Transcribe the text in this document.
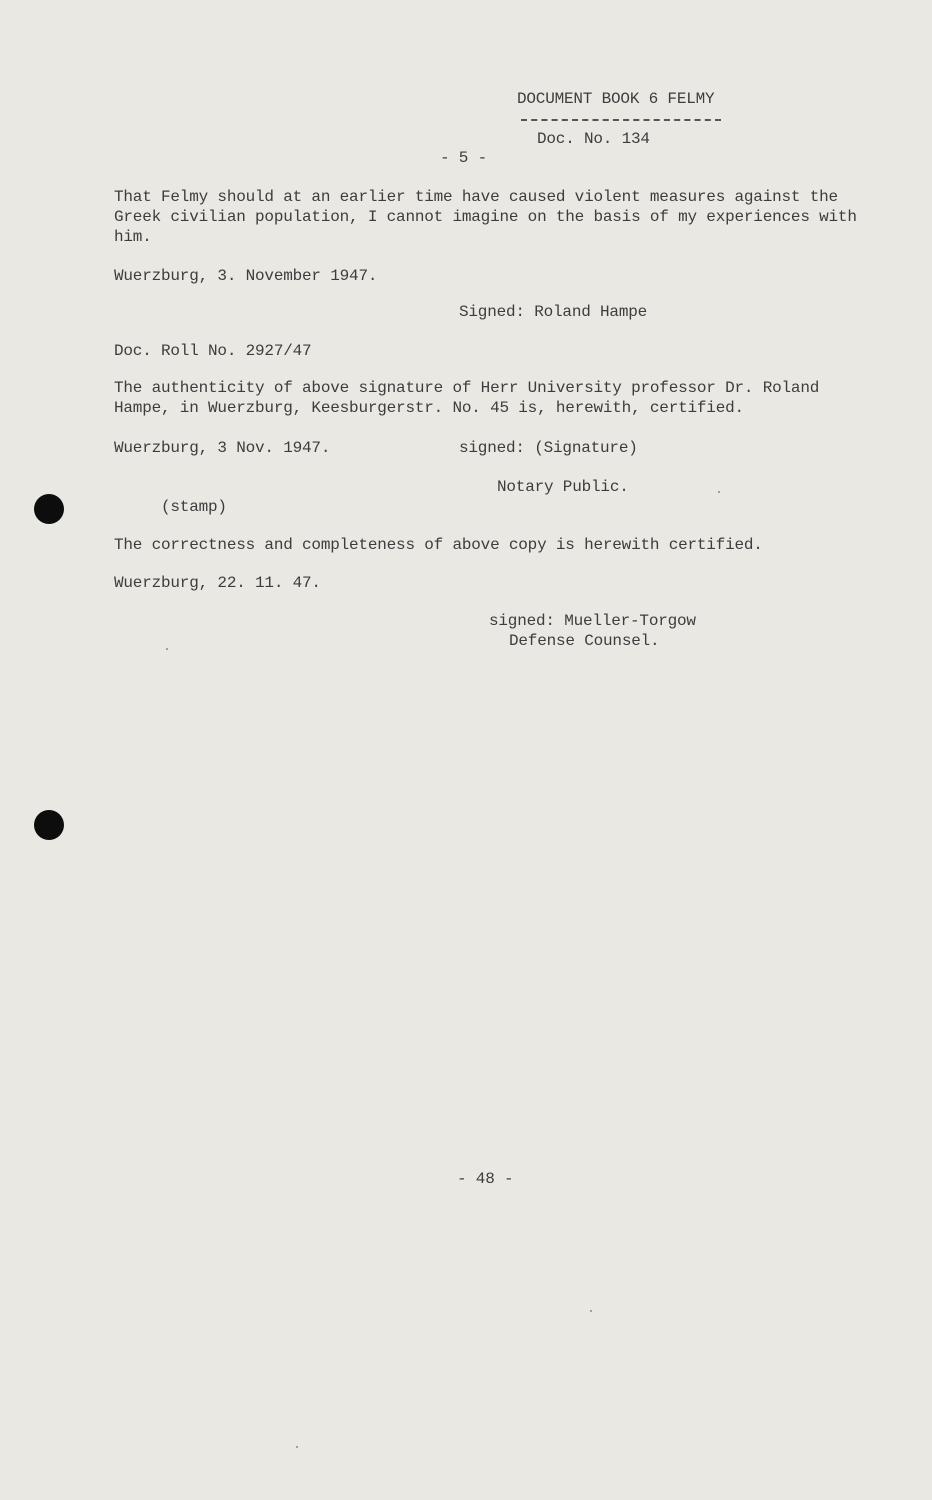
DOCUMENT BOOK 6 FELMY
Doc. No. 134
- 5 -
That Felmy should at an earlier time have caused violent measures against the
Greek civilian population, I cannot imagine on the basis of my experiences with
him.
Wuerzburg, 3. November 1947.
Signed: Roland Hampe
Doc. Roll No. 2927/47
The authenticity of above signature of Herr University professor Dr. Roland
Hampe, in Wuerzburg, Keesburgerstr. No. 45 is, herewith, certified.
Wuerzburg, 3 Nov. 1947.	signed: (Signature)
Notary Public.
(stamp)
The correctness and completeness of above copy is herewith certified.
Wuerzburg, 22. 11. 47.
signed: Mueller-Torgow
Defense Counsel.
- 48 -
